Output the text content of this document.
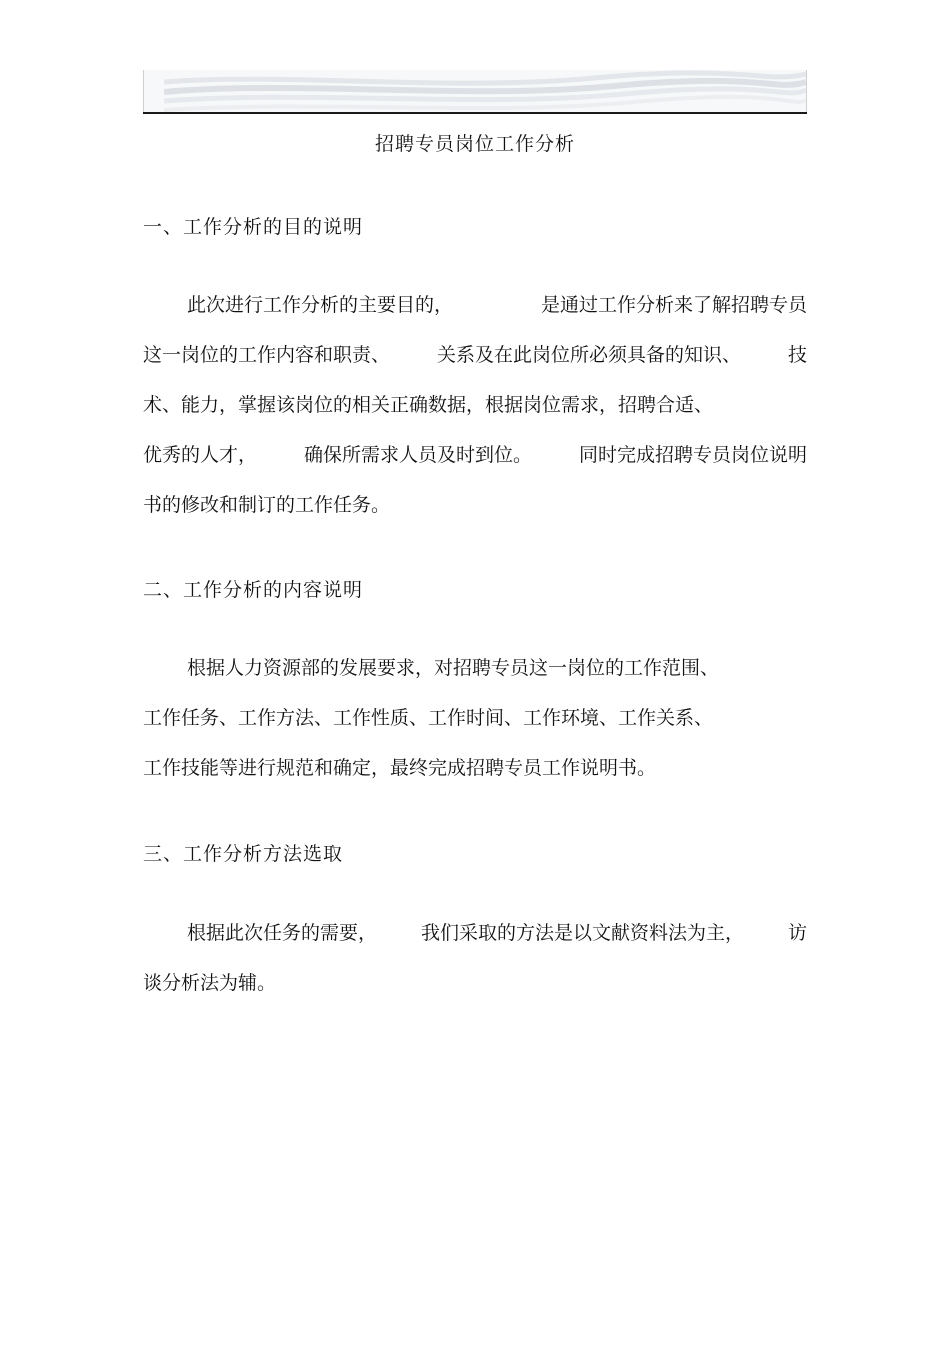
招聘专员岗位工作分析
一、工作分析的目的说明
此次进行工作分析的主要目的，	是通过工作分析来了解招聘专员
这一岗位的工作内容和职责、 关系及在此岗位所必须具备的知识、 技
术、能力，掌握该岗位的相关正确数据，根据岗位需求，招聘合适、
优秀的人才， 确保所需求人员及时到位。 同时完成招聘专员岗位说明
书的修改和制订的工作任务。
二、工作分析的内容说明
根据人力资源部的发展要求，对招聘专员这一岗位的工作范围、
工作任务、工作方法、工作性质、工作时间、工作环境、工作关系、
工作技能等进行规范和确定，最终完成招聘专员工作说明书。
三、工作分析方法选取
根据此次任务的需要， 我们采取的方法是以文献资料法为主， 访
谈分析法为辅。
